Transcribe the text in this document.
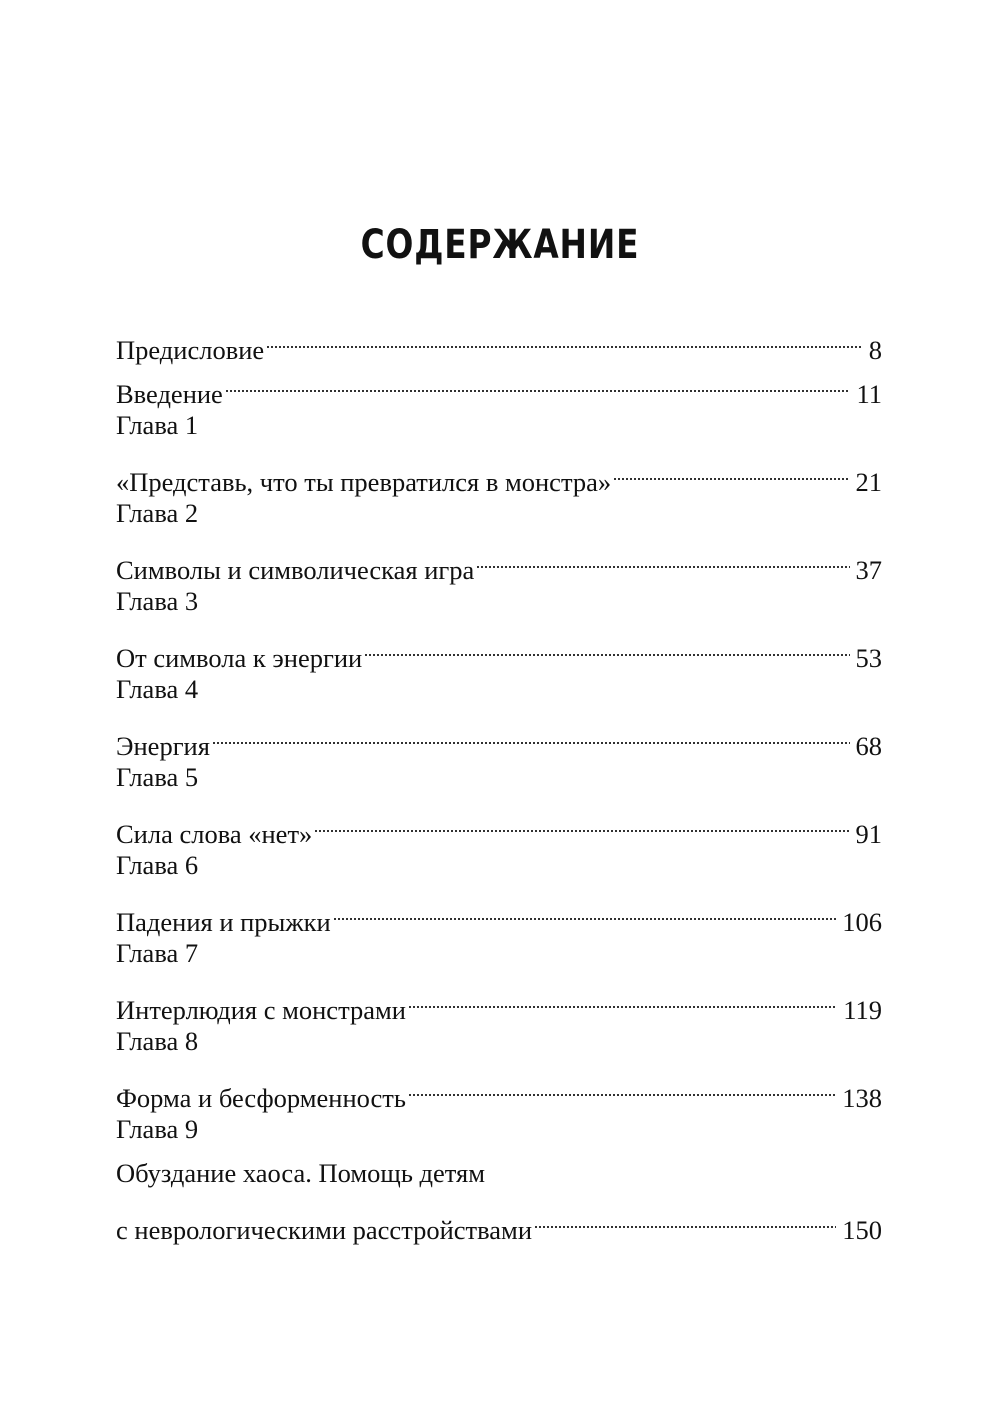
СОДЕРЖАНИЕ
Предисловие	8
Введение	11
Глава 1
«Представь, что ты превратился в монстра»	21
Глава 2
Символы и символическая игра	37
Глава 3
От символа к энергии	53
Глава 4
Энергия	68
Глава 5
Сила слова «нет»	91
Глава 6
Падения и прыжки	106
Глава 7
Интерлюдия с монстрами	119
Глава 8
Форма и бесформенность	138
Глава 9
Обуздание хаоса. Помощь детям
с неврологическими расстройствами	150
